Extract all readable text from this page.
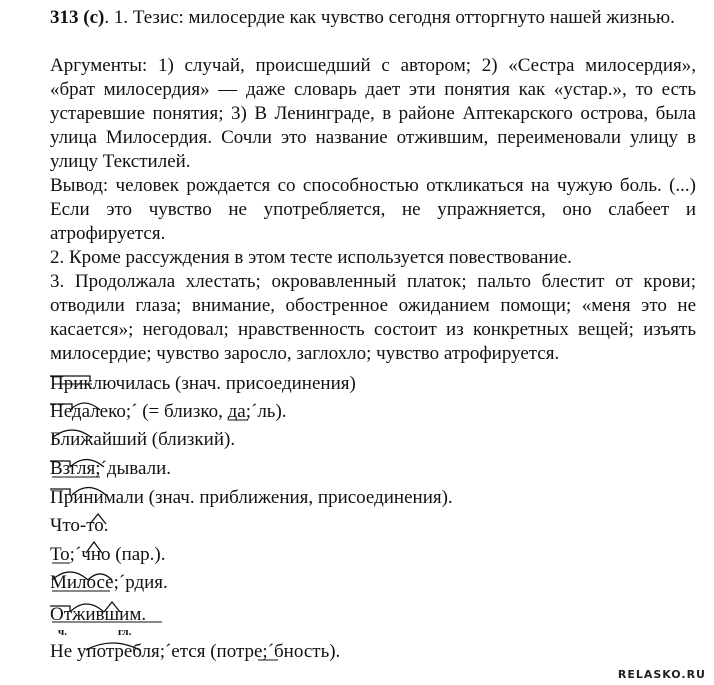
313 (с). 1. Тезис: милосердие как чувство сегодня отторгнуто нашей жизнью.

Аргументы: 1) случай, происшедший с автором; 2) «Сестра милосердия», «брат милосердия» — даже словарь дает эти понятия как «устар.», то есть устаревшие понятия; 3) В Ленинграде, в районе Аптекарского острова, была улица Милосердия. Сочли это название отжившим, переименовали улицу в улицу Текстилей.

Вывод: человек рождается со способностью откликаться на чужую боль. (...) Если это чувство не употребляется, не упражняется, оно слабеет и атрофируется.

2. Кроме рассуждения в этом тесте используется повествование.

3. Продолжала хлестать; окровавленный платок; пальто блестит от крови; отводили глаза; внимание, обостренное ожиданием помощи; «меня это не касается»; негодовал; нравственность состоит из конкретных вещей; изъять милосердие; чувство заросло, заглохло; чувство атрофируется.

Приключилась (знач. присоединения)
Недалеко;´ (= близко, да;´ль).
Ближайший (близкий).
Взгля;´дывали.
Принимали (знач. приближения, присоединения).
Что-то.
То;´чно (пар.).
Милосе;´рдия.
Отжившим.
Не употребля;´ется (потре;´бность).
ч.	гл.
RELASKO.RU
